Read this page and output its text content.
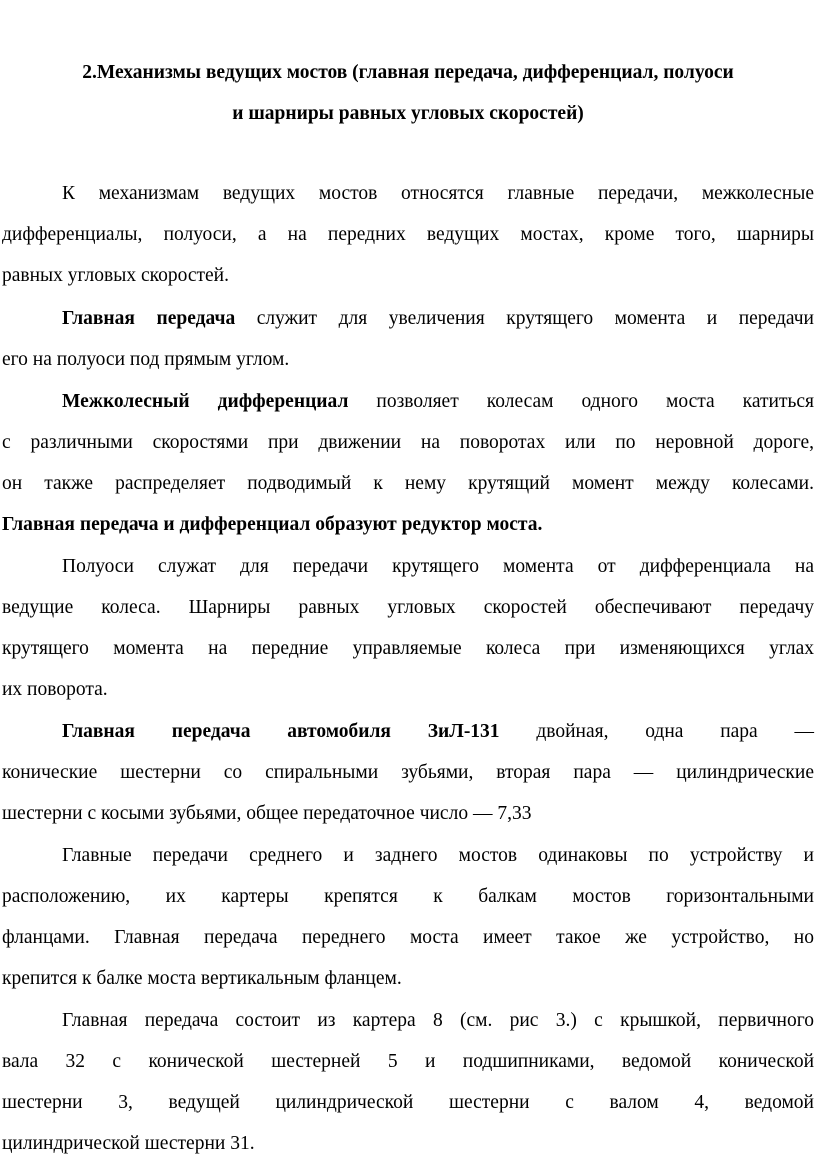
2.Механизмы ведущих мостов (главная передача, дифференциал, полуоси
и шарниры равных угловых скоростей)
К механизмам ведущих мостов относятся главные передачи, межколесные
дифференциалы, полуоси, а на передних ведущих мостах, кроме того, шарниры
равных угловых скоростей.
Главная передача служит для увеличения крутящего момента и передачи
его на полуоси под прямым углом.
Межколесный дифференциал позволяет колесам одного моста катиться
с различными скоростями при движении на поворотах или по неровной дороге,
он также распределяет подводимый к нему крутящий момент между колесами.
Главная передача и дифференциал образуют редуктор моста.
Полуоси служат для передачи крутящего момента от дифференциала на
ведущие колеса. Шарниры равных угловых скоростей обеспечивают передачу
крутящего момента на передние управляемые колеса при изменяющихся углах
их поворота.
Главная передача автомобиля ЗиЛ-131 двойная, одна пара —
конические шестерни со спиральными зубьями, вторая пара — цилиндрические
шестерни с косыми зубьями, общее передаточное число — 7,33
Главные передачи среднего и заднего мостов одинаковы по устройству и
расположению, их картеры крепятся к балкам мостов горизонтальными
фланцами. Главная передача переднего моста имеет такое же устройство, но
крепится к балке моста вертикальным фланцем.
Главная передача состоит из картера 8 (см. рис 3.) с крышкой, первичного
вала 32 с конической шестерней 5 и подшипниками, ведомой конической
шестерни 3, ведущей цилиндрической шестерни с валом 4, ведомой
цилиндрической шестерни 31.
